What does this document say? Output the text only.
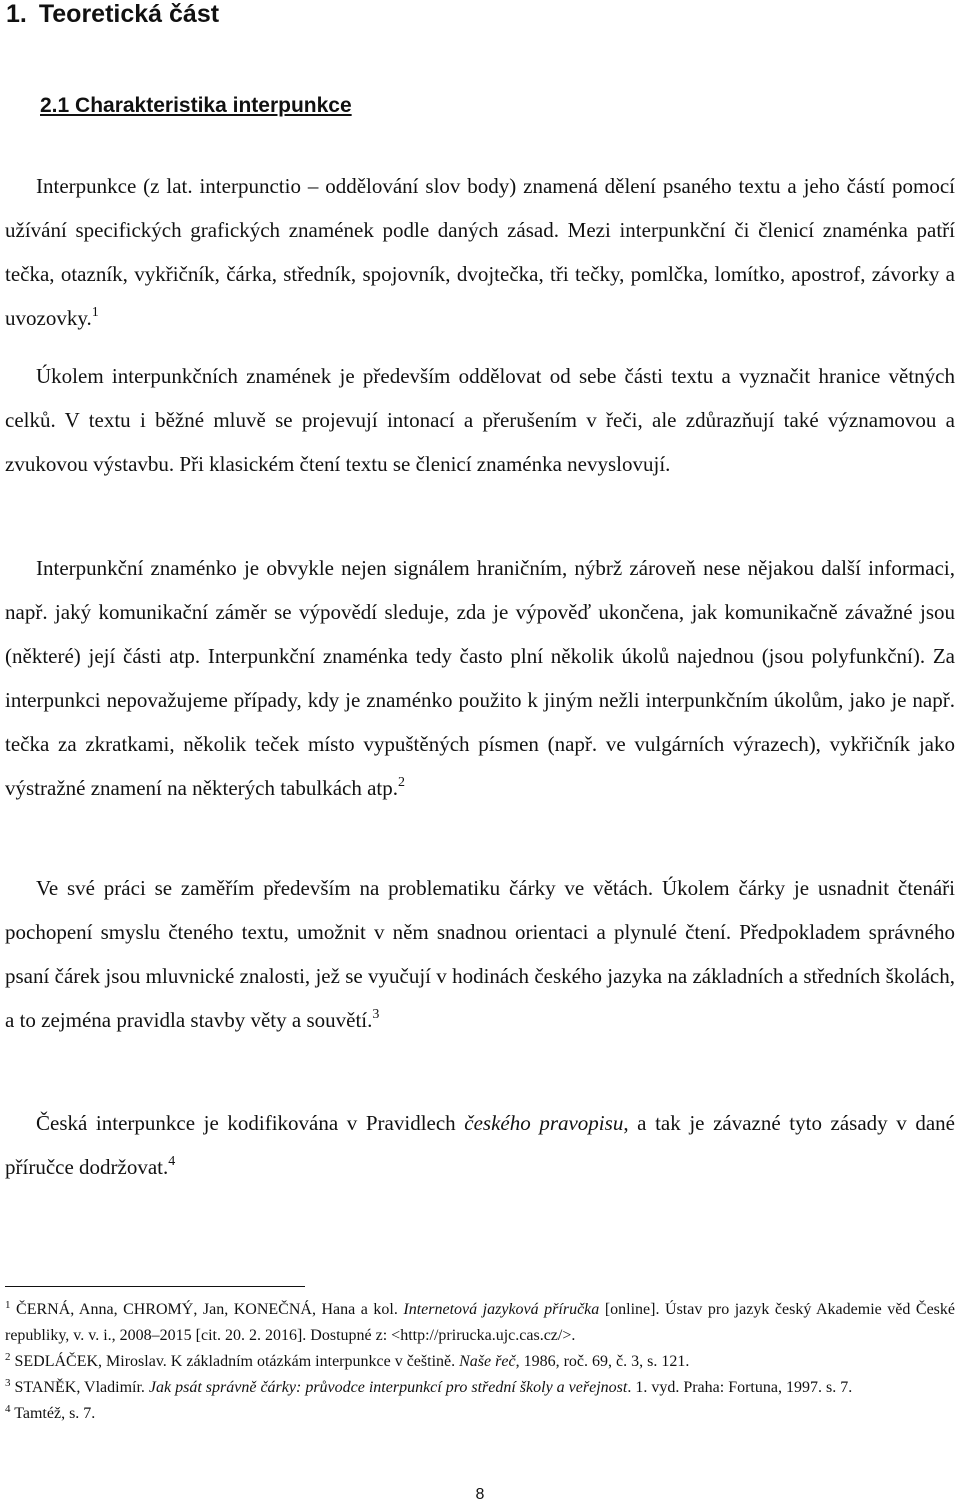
1. Teoretická část
2.1 Charakteristika interpunkce

Interpunkce (z lat. interpunctio – oddělování slov body) znamená dělení psaného textu a jeho částí pomocí užívání specifických grafických znamének podle daných zásad. Mezi interpunkční či členicí znaménka patří tečka, otazník, vykřičník, čárka, středník, spojovník, dvojtečka, tři tečky, pomlčka, lomítko, apostrof, závorky a uvozovky.$^1$

Úkolem interpunkčních znamének je především oddělovat od sebe části textu a vyznačit hranice větných celků. V textu i běžné mluvě se projevují intonací a přerušením v řeči, ale zdůrazňují také významovou a zvukovou výstavbu. Při klasickém čtení textu se členicí znaménka nevyslovují.

Interpunkční znaménko je obvykle nejen signálem hraničním, nýbrž zároveň nese nějakou další informaci, např. jaký komunikační záměr se výpovědí sleduje, zda je výpověď ukončena, jak komunikačně závažné jsou (některé) její části atp. Interpunkční znaménka tedy často plní několik úkolů najednou (jsou polyfunkční). Za interpunkci nepovažujeme případy, kdy je znaménko použito k jiným nežli interpunkčním úkolům, jako je např. tečka za zkratkami, několik teček místo vypuštěných písmen (např. ve vulgárních výrazech), vykřičník jako výstražné znamení na některých tabulkách atp.$^2$

Ve své práci se zaměřím především na problematiku čárky ve větách. Úkolem čárky je usnadnit čtenáři pochopení smyslu čteného textu, umožnit v něm snadnou orientaci a plynulé čtení. Předpokladem správného psaní čárek jsou mluvnické znalosti, jež se vyučují v hodinách českého jazyka na základních a středních školách, a to zejména pravidla stavby věty a souvětí.$^3$

Česká interpunkce je kodifikována v Pravidlech českého pravopisu, a tak je závazné tyto zásady v dané příručce dodržovat.$^4$

$^1$ ČERNÁ, Anna, CHROMÝ, Jan, KONEČNÁ, Hana a kol. Internetová jazyková příručka [online]. Ústav pro jazyk český Akademie věd České republiky, v. v. i., 2008–2015 [cit. 20. 2. 2016]. Dostupné z: <http://prirucka.ujc.cas.cz/>.

$^2$ SEDLÁČEK, Miroslav. K základním otázkám interpunkce v češtině. Naše řeč, 1986, roč. 69, č. 3, s. 121.

$^3$ STANĚK, Vladimír. Jak psát správně čárky: průvodce interpunkcí pro střední školy a veřejnost. 1. vyd. Praha: Fortuna, 1997. s. 7.

$^4$ Tamtéž, s. 7.

8
